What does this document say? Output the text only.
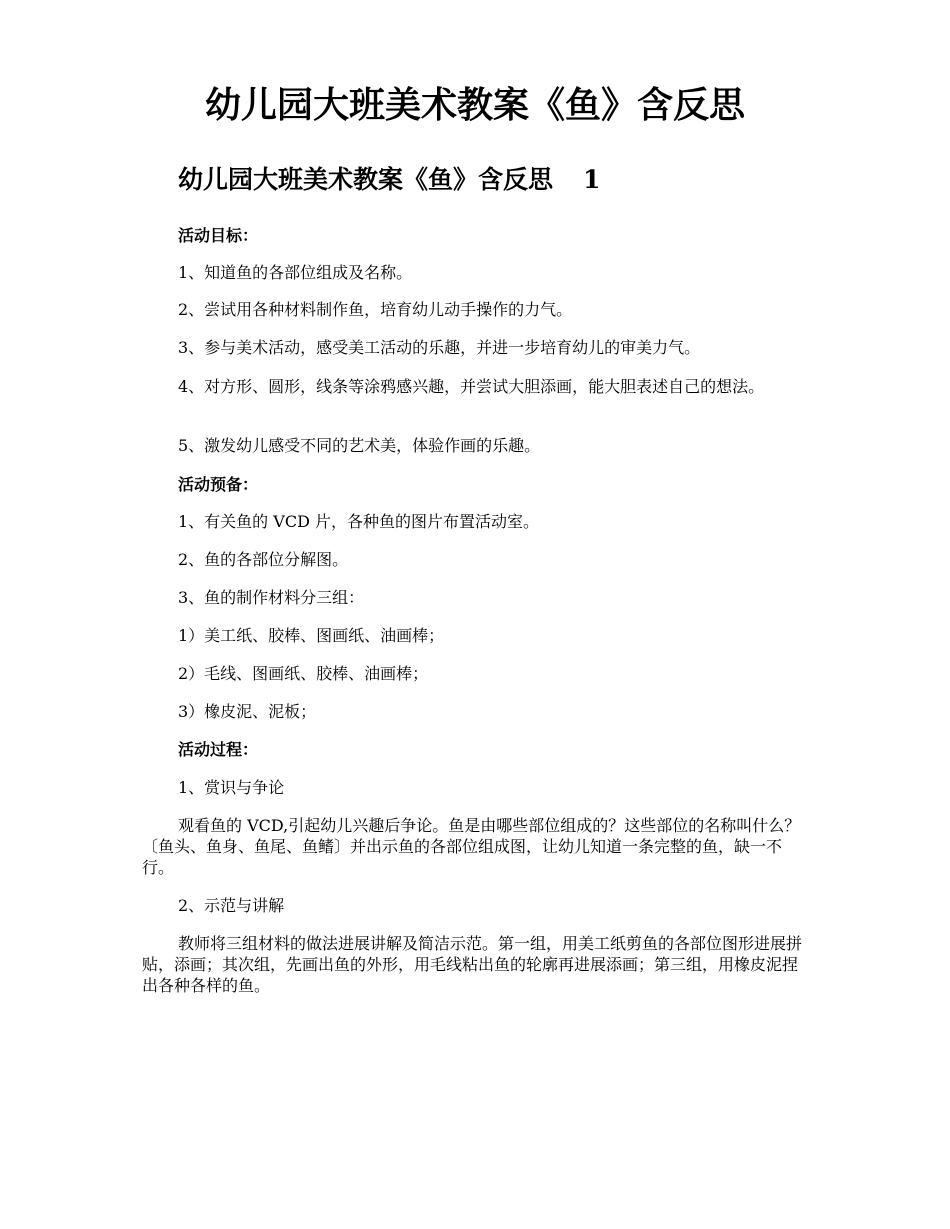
幼儿园大班美术教案《鱼》含反思
幼儿园大班美术教案《鱼》含反思 1

活动目标：

1、知道鱼的各部位组成及名称。

2、尝试用各种材料制作鱼，培育幼儿动手操作的力气。

3、参与美术活动，感受美工活动的乐趣，并进一步培育幼儿的审美力气。

4、对方形、圆形，线条等涂鸦感兴趣，并尝试大胆添画，能大胆表述自己的想法。

5、激发幼儿感受不同的艺术美，体验作画的乐趣。

活动预备：

1、有关鱼的 VCD 片，各种鱼的图片布置活动室。

2、鱼的各部位分解图。

3、鱼的制作材料分三组：

1）美工纸、胶棒、图画纸、油画棒；

2）毛线、图画纸、胶棒、油画棒；

3）橡皮泥、泥板；

活动过程：

1、赏识与争论

观看鱼的 VCD,引起幼儿兴趣后争论。鱼是由哪些部位组成的？这些部位的名称叫什么？〔鱼头、鱼身、鱼尾、鱼鳍〕并出示鱼的各部位组成图，让幼儿知道一条完整的鱼，缺一不行。

2、示范与讲解

教师将三组材料的做法进展讲解及简洁示范。第一组，用美工纸剪鱼的各部位图形进展拼贴，添画；其次组，先画出鱼的外形，用毛线粘出鱼的轮廓再进展添画；第三组，用橡皮泥捏出各种各样的鱼。
